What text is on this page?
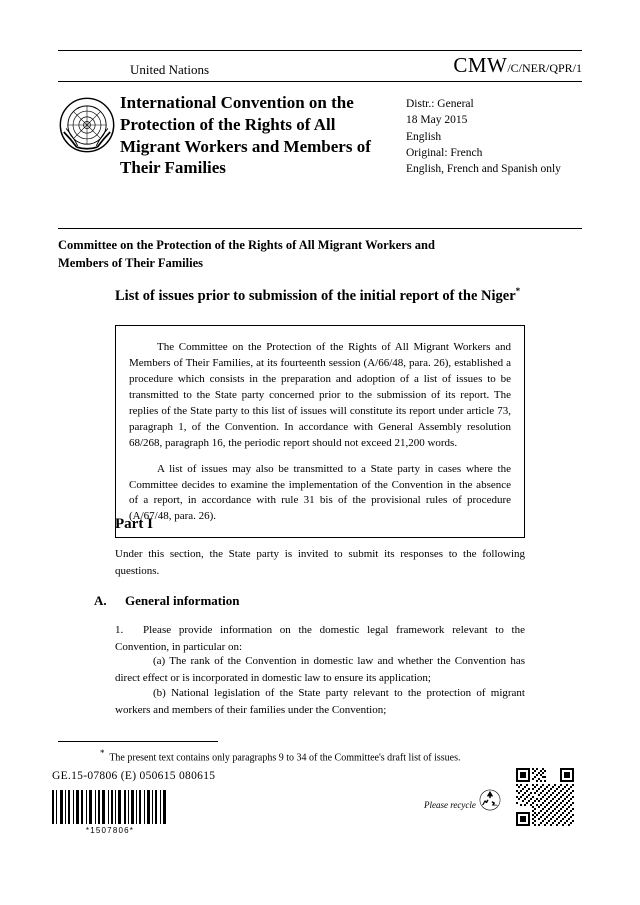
United Nations	CMW/C/NER/QPR/1

International Convention on the Protection of the Rights of All Migrant Workers and Members of Their Families

Distr.: General
18 May 2015
English
Original: French
English, French and Spanish only
Committee on the Protection of the Rights of All Migrant Workers and Members of Their Families
List of issues prior to submission of the initial report of the Niger*

The Committee on the Protection of the Rights of All Migrant Workers and Members of Their Families, at its fourteenth session (A/66/48, para. 26), established a procedure which consists in the preparation and adoption of a list of issues to be transmitted to the State party concerned prior to the submission of its report. The replies of the State party to this list of issues will constitute its report under article 73, paragraph 1, of the Convention. In accordance with General Assembly resolution 68/268, paragraph 16, the periodic report should not exceed 21,200 words.

A list of issues may also be transmitted to a State party in cases where the Committee decides to examine the implementation of the Convention in the absence of a report, in accordance with rule 31 bis of the provisional rules of procedure (A/67/48, para. 26).

Part I
Under this section, the State party is invited to submit its responses to the following questions.
A. General information
1. Please provide information on the domestic legal framework relevant to the Convention, in particular on:
(a) The rank of the Convention in domestic law and whether the Convention has direct effect or is incorporated in domestic law to ensure its application;
(b) National legislation of the State party relevant to the protection of migrant workers and members of their families under the Convention;
* The present text contains only paragraphs 9 to 34 of the Committee's draft list of issues.
GE.15-07806 (E) 050615 080615
*1507806*
Please recycle
